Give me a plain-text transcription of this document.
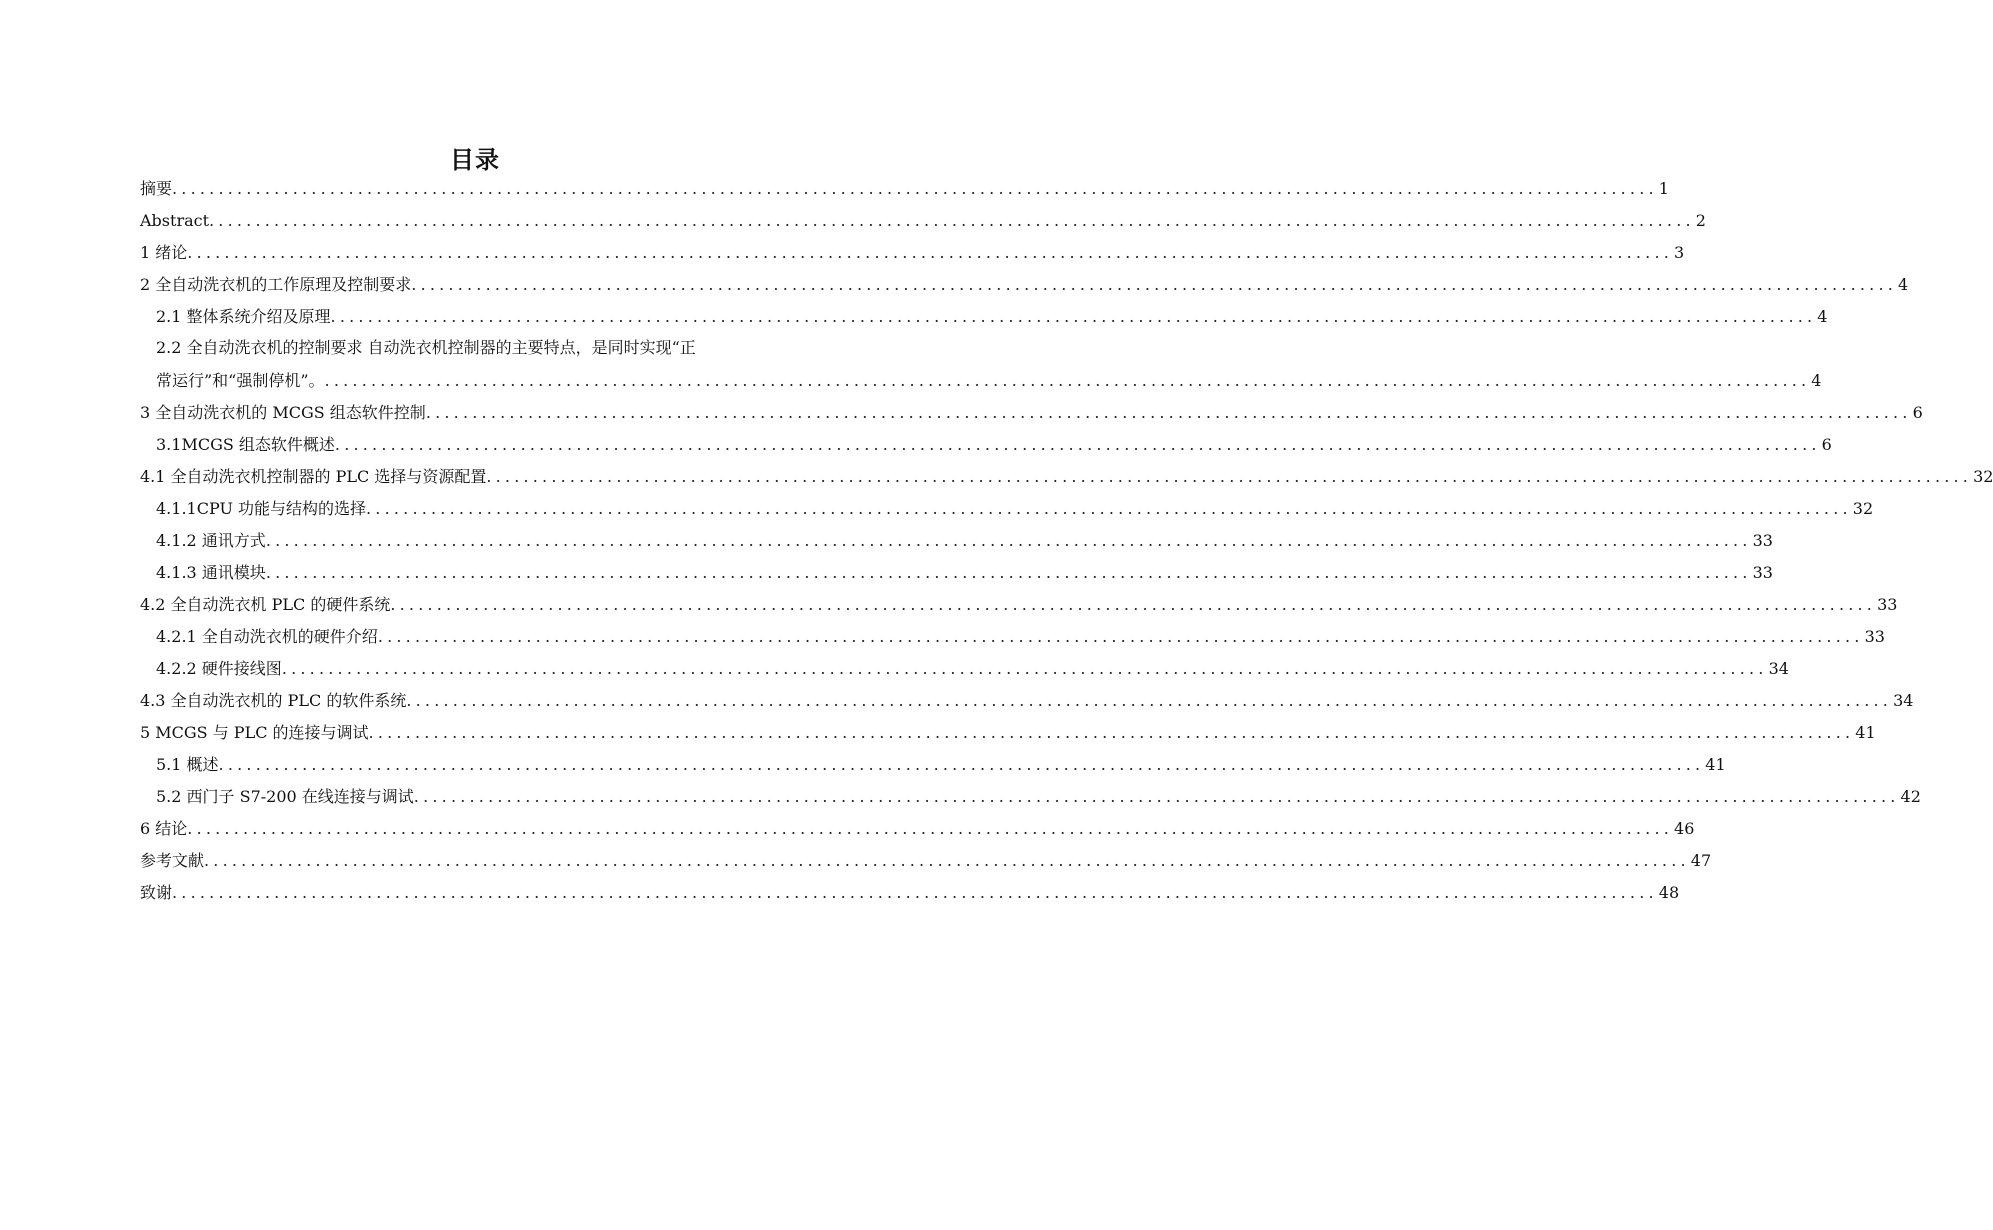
目录
摘要 ................................................................................................................................................................ 1
Abstract ................................................................................................................................................................ 2
1 绪论 ................................................................................................................................................................ 3
2 全自动洗衣机的工作原理及控制要求 ................................................................................................................................................................ 4
2.1 整体系统介绍及原理 ................................................................................................................................................................ 4
2.2 全自动洗衣机的控制要求 自动洗衣机控制器的主要特点，是同时实现“正
常运行”和“强制停机”。 ................................................................................................................................................................ 4
3 全自动洗衣机的 MCGS 组态软件控制 ................................................................................................................................................................ 6
3.1MCGS 组态软件概述 ................................................................................................................................................................ 6
4.1 全自动洗衣机控制器的 PLC 选择与资源配置 ................................................................................................................................................................ 32
4.1.1CPU 功能与结构的选择 ................................................................................................................................................................ 32
4.1.2 通讯方式 ................................................................................................................................................................ 33
4.1.3 通讯模块 ................................................................................................................................................................ 33
4.2 全自动洗衣机 PLC 的硬件系统 ................................................................................................................................................................ 33
4.2.1 全自动洗衣机的硬件介绍 ................................................................................................................................................................ 33
4.2.2 硬件接线图 ................................................................................................................................................................ 34
4.3 全自动洗衣机的 PLC 的软件系统 ................................................................................................................................................................ 34
5 MCGS 与 PLC 的连接与调试 ................................................................................................................................................................ 41
5.1 概述 ................................................................................................................................................................ 41
5.2 西门子 S7-200 在线连接与调试 ................................................................................................................................................................ 42
6 结论 ................................................................................................................................................................ 46
参考文献 ................................................................................................................................................................ 47
致谢 ................................................................................................................................................................ 48
